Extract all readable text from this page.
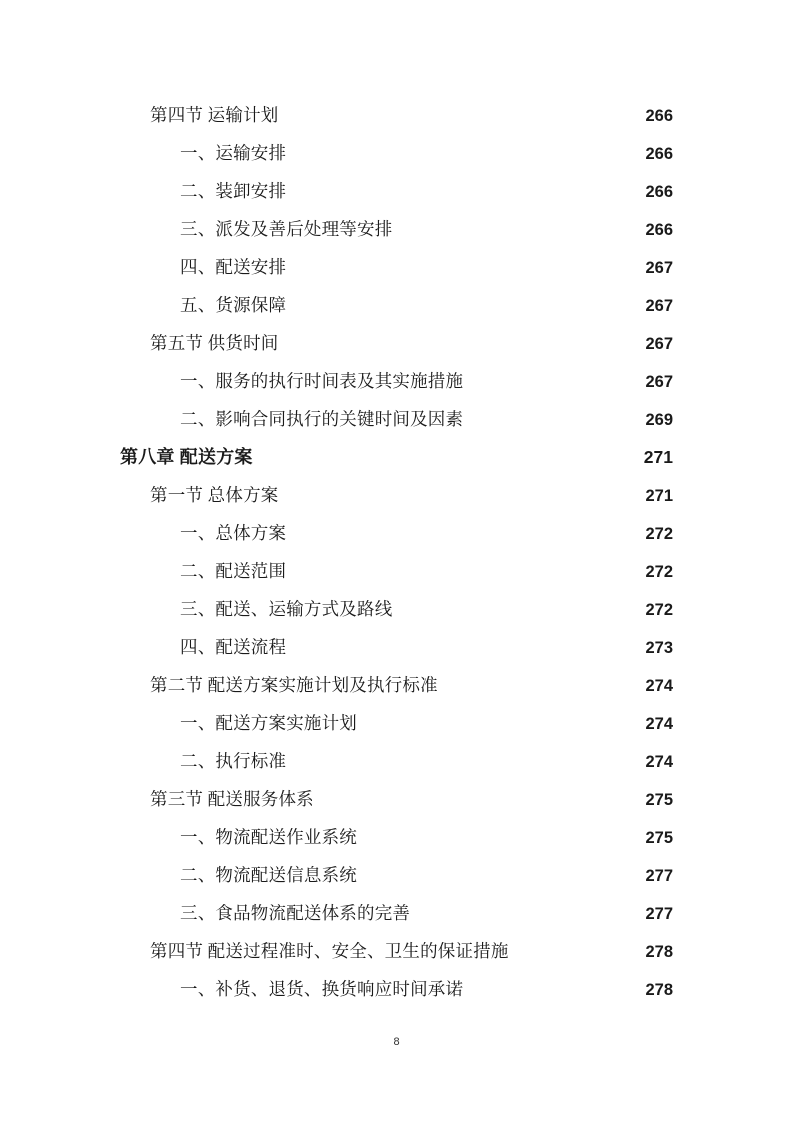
第四节 运输计划 .....	266
一、运输安排 .....	266
二、装卸安排 .....	266
三、派发及善后处理等安排 .....	266
四、配送安排 .....	267
五、货源保障 .....	267
第五节 供货时间 .....	267
一、服务的执行时间表及其实施措施 .....	267
二、影响合同执行的关键时间及因素 .....	269
第八章 配送方案 .....	271
第一节 总体方案 .....	271
一、总体方案 .....	272
二、配送范围 .....	272
三、配送、运输方式及路线 .....	272
四、配送流程 .....	273
第二节 配送方案实施计划及执行标准 .....	274
一、配送方案实施计划 .....	274
二、执行标准 .....	274
第三节 配送服务体系 .....	275
一、物流配送作业系统 .....	275
二、物流配送信息系统 .....	277
三、食品物流配送体系的完善 .....	277
第四节 配送过程准时、安全、卫生的保证措施 .....	278
一、补货、退货、换货响应时间承诺 .....	278
8
